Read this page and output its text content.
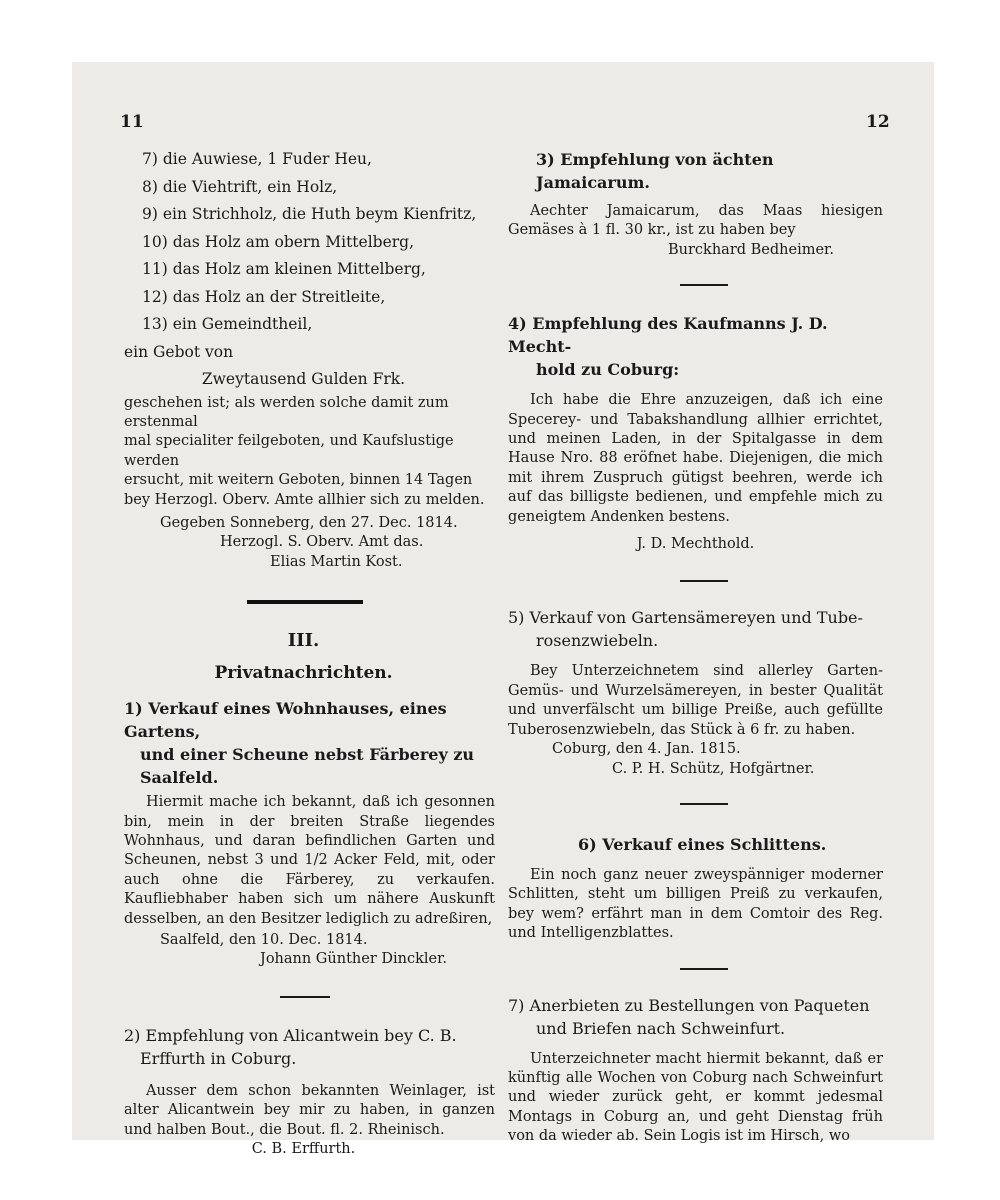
11	12
7) die Auwiese, 1 Fuder Heu,
8) die Viehtrift, ein Holz,
9) ein Strichholz, die Huth beym Kienfritz,
10) das Holz am obern Mittelberg,
11) das Holz am kleinen Mittelberg,
12) das Holz an der Streitleite,
13) ein Gemeindtheil,
ein Gebot von
Zweytausend Gulden Frk.
geschehen ist; als werden solche damit zum erstenmal
mal specialiter feilgeboten, und Kaufslustige werden
ersucht, mit weitern Geboten, binnen 14 Tagen
bey Herzogl. Oberv. Amte allhier sich zu melden.
Gegeben Sonneberg, den 27. Dec. 1814.
Herzogl. S. Oberv. Amt das.
Elias Martin Kost.
III.
Privatnachrichten.
1) Verkauf eines Wohnhauses, eines Gartens,
und einer Scheune nebst Färberey zu Saalfeld.
Hiermit mache ich bekannt, daß ich gesonnen bin, mein in der breiten Straße liegendes Wohnhaus, und daran befindlichen Garten und Scheunen, nebst 3 und 1/2 Acker Feld, mit, oder auch ohne die Färberey, zu verkaufen. Kaufliebhaber haben sich um nähere Auskunft desselben, an den Besitzer lediglich zu adreßiren,
Saalfeld, den 10. Dec. 1814.
Johann Günther Dinckler.
2) Empfehlung von Alicantwein bey C. B.
Erffurth in Coburg.
Ausser dem schon bekannten Weinlager, ist alter Alicantwein bey mir zu haben, in ganzen und halben Bout., die Bout. fl. 2. Rheinisch.
C. B. Erffurth.
3) Empfehlung von ächten Jamaicarum.
Aechter Jamaicarum, das Maas hiesigen Gemäses à 1 fl. 30 kr., ist zu haben bey
Burckhard Bedheimer.
4) Empfehlung des Kaufmanns J. D. Mecht-
hold zu Coburg:
Ich habe die Ehre anzuzeigen, daß ich eine Specerey- und Tabakshandlung allhier errichtet, und meinen Laden, in der Spitalgasse in dem Hause Nro. 88 eröfnet habe. Diejenigen, die mich mit ihrem Zuspruch gütigst beehren, werde ich auf das billigste bedienen, und empfehle mich zu geneigtem Andenken bestens.
J. D. Mechthold.
5) Verkauf von Gartensämereyen und Tube-
rosenzwiebeln.
Bey Unterzeichnetem sind allerley Garten- Gemüs- und Wurzelsämereyen, in bester Qualität und unverfälscht um billige Preiße, auch gefüllte Tuberosenzwiebeln, das Stück à 6 fr. zu haben.
Coburg, den 4. Jan. 1815.
C. P. H. Schütz, Hofgärtner.
6) Verkauf eines Schlittens.
Ein noch ganz neuer zweyspänniger moderner Schlitten, steht um billigen Preiß zu verkaufen, bey wem? erfährt man in dem Comtoir des Reg. und Intelligenzblattes.
7) Anerbieten zu Bestellungen von Paqueten
und Briefen nach Schweinfurt.
Unterzeichneter macht hiermit bekannt, daß er künftig alle Wochen von Coburg nach Schweinfurt und wieder zurück geht, er kommt jedesmal Montags in Coburg an, und geht Dienstag früh von da wieder ab. Sein Logis ist im Hirsch, wo
